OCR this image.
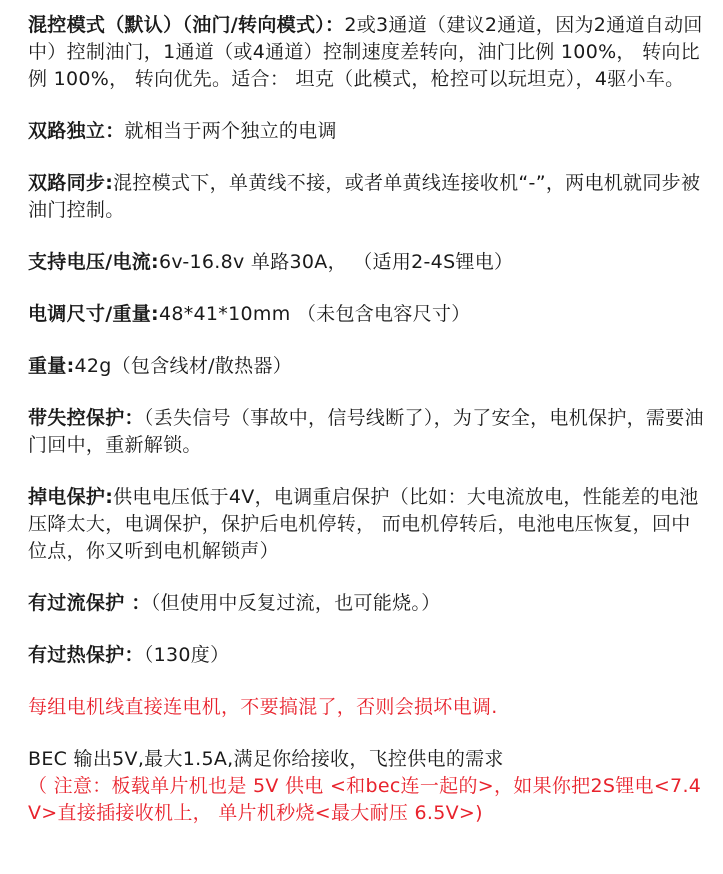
混控模式（默认）（油门/转向模式）：2或3通道（建议2通道，因为2通道自动回中）控制油门，1通道（或4通道）控制速度差转向，油门比例 100%， 转向比例 100%， 转向优先。适合： 坦克（此模式，枪控可以玩坦克），4驱小车。
双路独立：就相当于两个独立的电调
双路同步:混控模式下，单黄线不接，或者单黄线连接收机“-”，两电机就同步被油门控制。
支持电压/电流:6v-16.8v 单路30A， （适用2-4S锂电）
电调尺寸/重量:48*41*10mm （未包含电容尺寸）
重量:42g（包含线材/散热器）
带失控保护：（丢失信号（事故中，信号线断了），为了安全，电机保护，需要油门回中，重新解锁。
掉电保护:供电电压低于4V，电调重启保护（比如：大电流放电，性能差的电池压降太大，电调保护，保护后电机停转， 而电机停转后，电池电压恢复，回中位点，你又听到电机解锁声）
有过流保护 ：（但使用中反复过流，也可能烧。）
有过热保护：（130度）
每组电机线直接连电机，不要搞混了，否则会损坏电调.
BEC 输出5V,最大1.5A,满足你给接收，飞控供电的需求
（ 注意：板载单片机也是 5V 供电 <和bec连一起的>，如果你把2S锂电<7.4V>直接插接收机上， 单片机秒烧<最大耐压 6.5V>)
